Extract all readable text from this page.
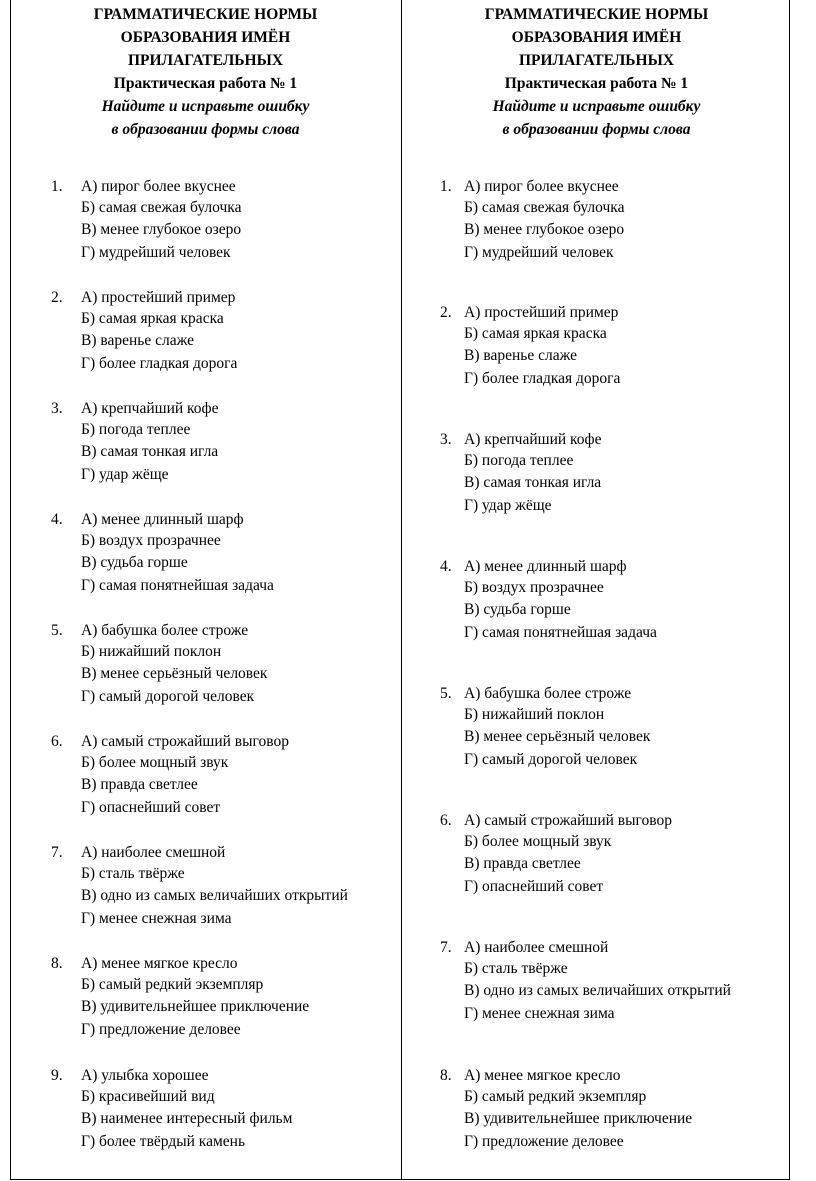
ГРАММАТИЧЕСКИЕ НОРМЫ
ОБРАЗОВАНИЯ ИМЁН
ПРИЛАГАТЕЛЬНЫХ
Практическая работа № 1
Найдите и исправьте ошибку
в образовании формы слова
1. А) пирог более вкуснее
Б) самая свежая булочка
В) менее глубокое озеро
Г) мудрейший человек
2. А) простейший пример
Б) самая яркая краска
В) варенье слаже
Г) более гладкая дорога
3. А) крепчайший кофе
Б) погода теплее
В) самая тонкая игла
Г) удар жёще
4. А) менее длинный шарф
Б) воздух прозрачнее
В) судьба горше
Г) самая понятнейшая задача
5. А) бабушка более строже
Б) нижайший поклон
В) менее серьёзный человек
Г) самый дорогой человек
6. А) самый строжайший выговор
Б) более мощный звук
В) правда светлее
Г) опаснейший совет
7. А) наиболее смешной
Б) сталь твёрже
В) одно из самых величайших открытий
Г) менее снежная зима
8. А) менее мягкое кресло
Б) самый редкий экземпляр
В) удивительнейшее приключение
Г) предложение деловее
9. А) улыбка хорошее
Б) красивейший вид
В) наименее интересный фильм
Г) более твёрдый камень
ГРАММАТИЧЕСКИЕ НОРМЫ
ОБРАЗОВАНИЯ ИМЁН
ПРИЛАГАТЕЛЬНЫХ
Практическая работа № 1
Найдите и исправьте ошибку
в образовании формы слова
1. А) пирог более вкуснее
Б) самая свежая булочка
В) менее глубокое озеро
Г) мудрейший человек
2. А) простейший пример
Б) самая яркая краска
В) варенье слаже
Г) более гладкая дорога
3. А) крепчайший кофе
Б) погода теплее
В) самая тонкая игла
Г) удар жёще
4. А) менее длинный шарф
Б) воздух прозрачнее
В) судьба горше
Г) самая понятнейшая задача
5. А) бабушка более строже
Б) нижайший поклон
В) менее серьёзный человек
Г) самый дорогой человек
6. А) самый строжайший выговор
Б) более мощный звук
В) правда светлее
Г) опаснейший совет
7. А) наиболее смешной
Б) сталь твёрже
В) одно из самых величайших открытий
Г) менее снежная зима
8. А) менее мягкое кресло
Б) самый редкий экземпляр
В) удивительнейшее приключение
Г) предложение деловее
